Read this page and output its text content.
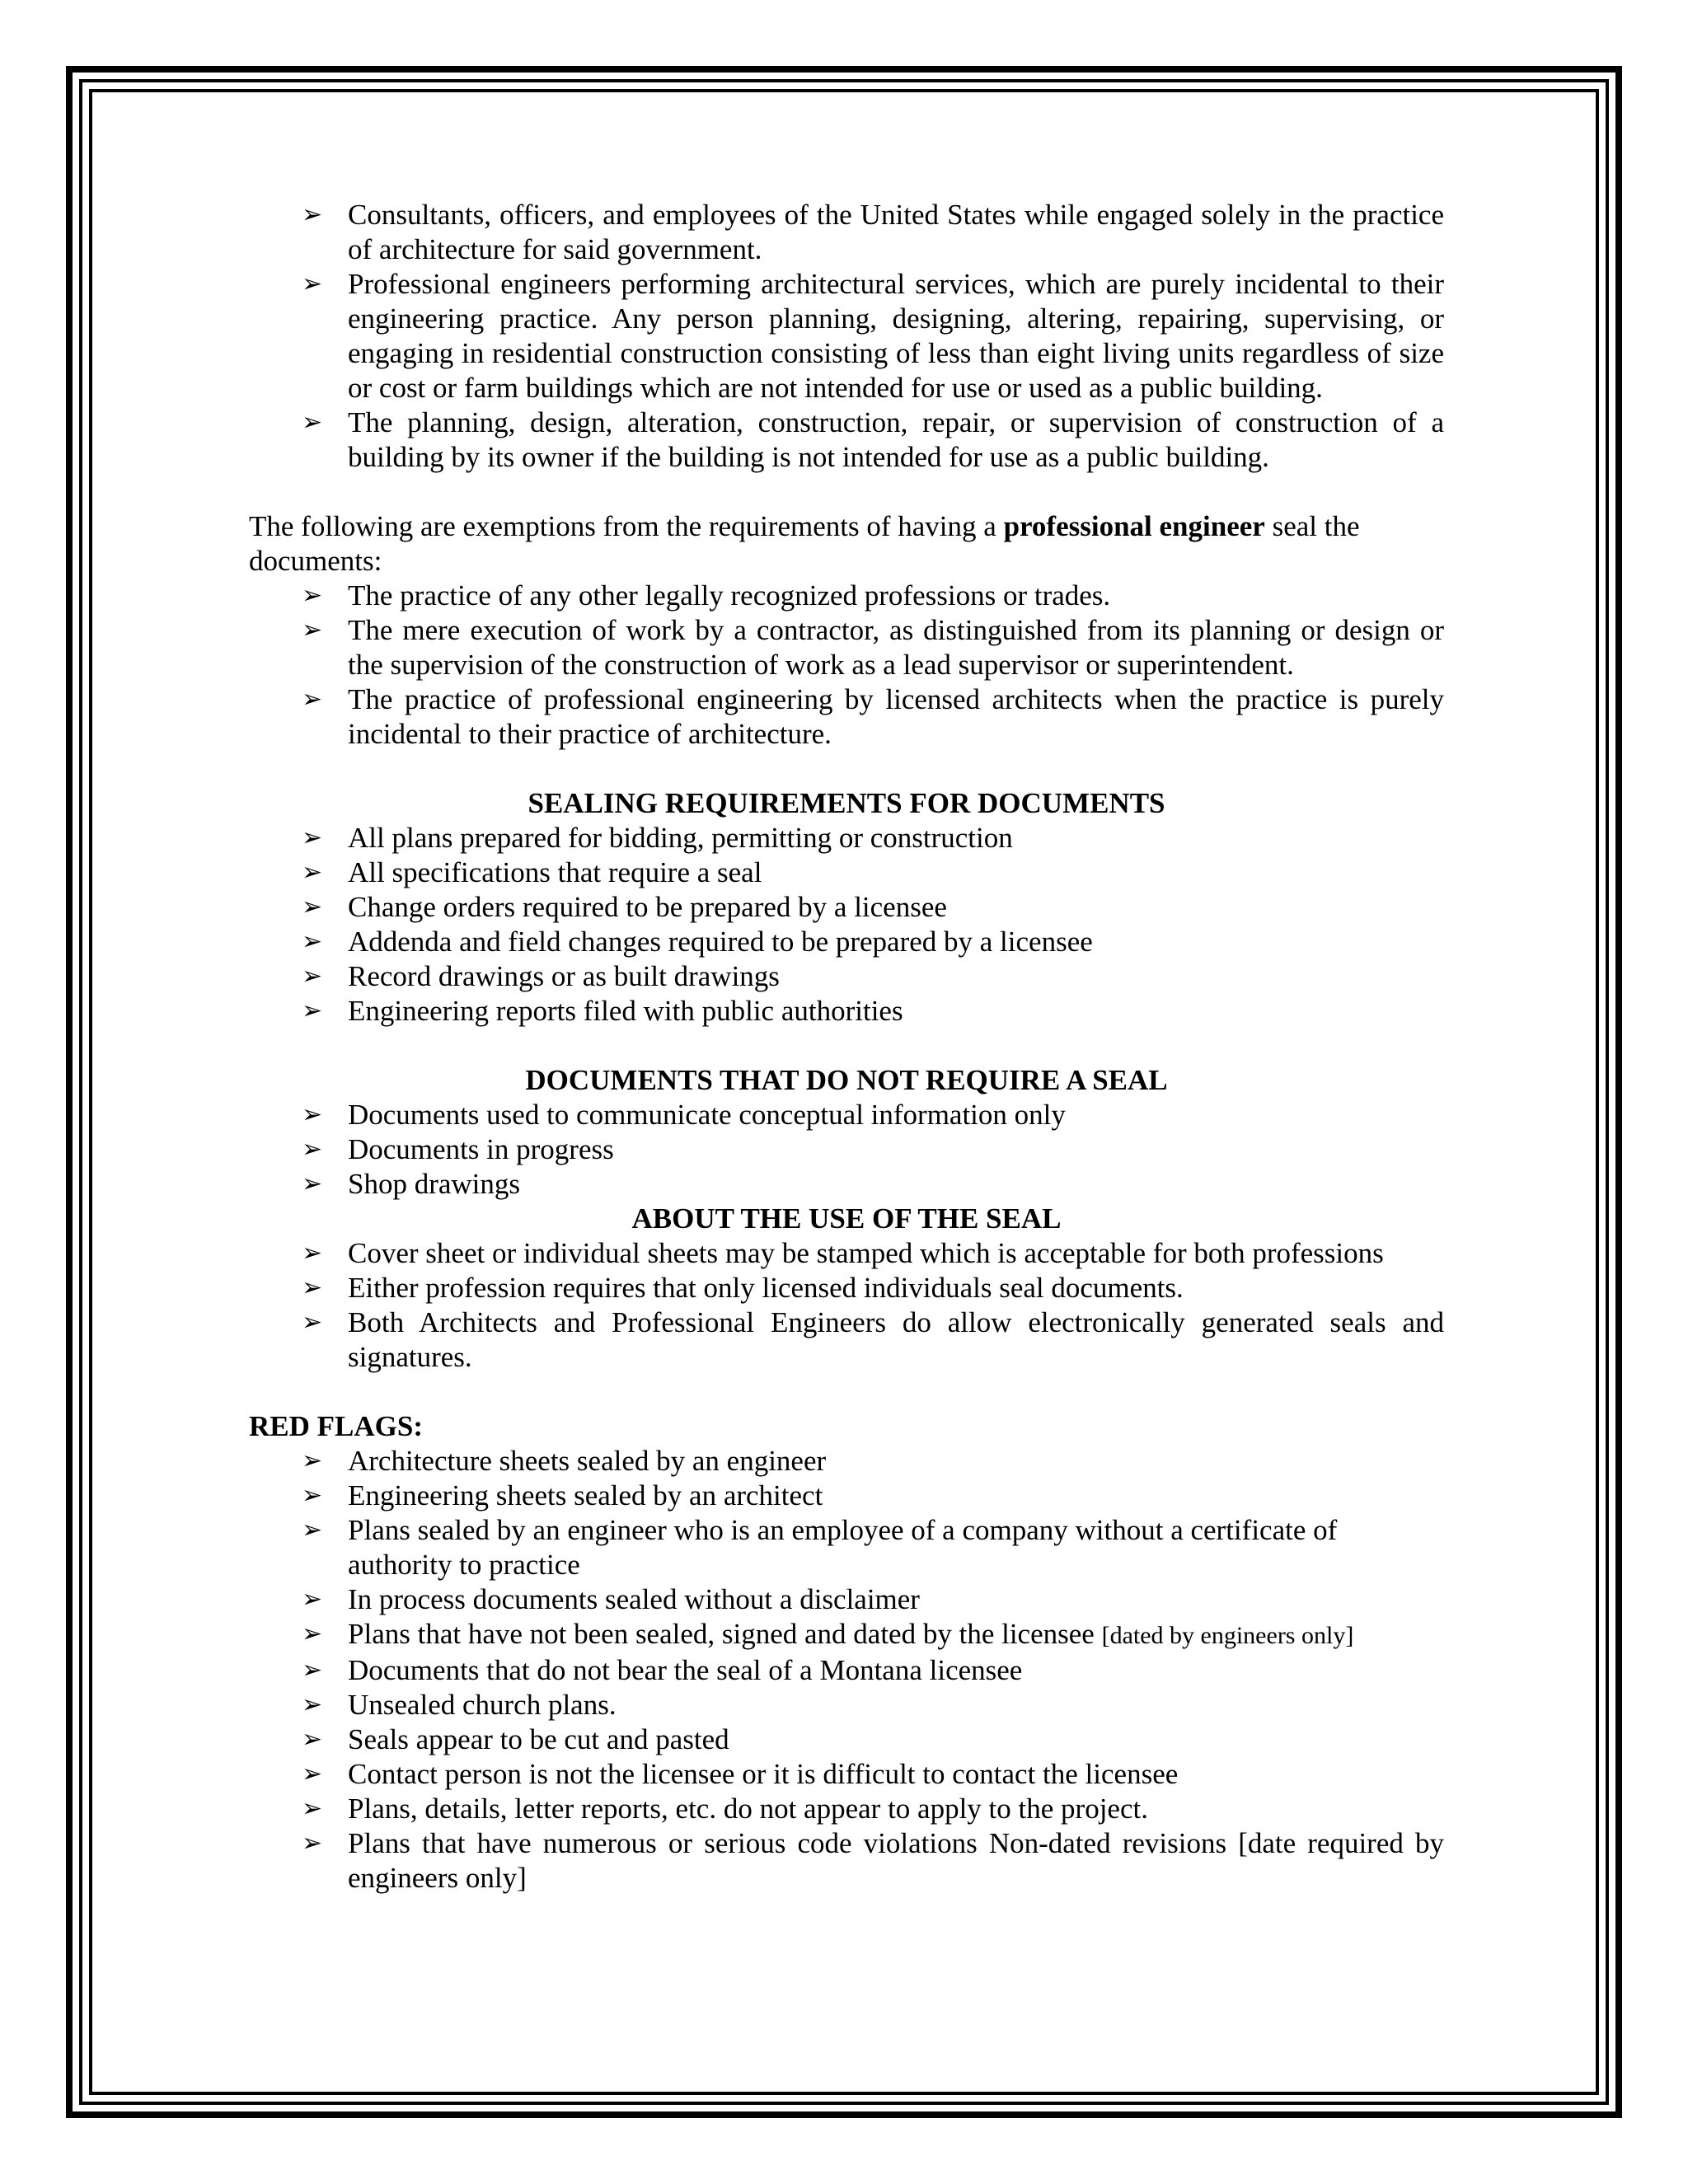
➢ Consultants, officers, and employees of the United States while engaged solely in the practice of architecture for said government.
➢ Professional engineers performing architectural services, which are purely incidental to their engineering practice. Any person planning, designing, altering, repairing, supervising, or engaging in residential construction consisting of less than eight living units regardless of size or cost or farm buildings which are not intended for use or used as a public building.
➢ The planning, design, alteration, construction, repair, or supervision of construction of a building by its owner if the building is not intended for use as a public building.

The following are exemptions from the requirements of having a professional engineer seal the documents:

➢ The practice of any other legally recognized professions or trades.
➢ The mere execution of work by a contractor, as distinguished from its planning or design or the supervision of the construction of work as a lead supervisor or superintendent.
➢ The practice of professional engineering by licensed architects when the practice is purely incidental to their practice of architecture.
SEALING REQUIREMENTS FOR DOCUMENTS
➢ All plans prepared for bidding, permitting or construction
➢ All specifications that require a seal
➢ Change orders required to be prepared by a licensee
➢ Addenda and field changes required to be prepared by a licensee
➢ Record drawings or as built drawings
➢ Engineering reports filed with public authorities
DOCUMENTS THAT DO NOT REQUIRE A SEAL
➢ Documents used to communicate conceptual information only
➢ Documents in progress
➢ Shop drawings
ABOUT THE USE OF THE SEAL
➢ Cover sheet or individual sheets may be stamped which is acceptable for both professions
➢ Either profession requires that only licensed individuals seal documents.
➢ Both Architects and Professional Engineers do allow electronically generated seals and signatures.
RED FLAGS:
➢ Architecture sheets sealed by an engineer
➢ Engineering sheets sealed by an architect
➢ Plans sealed by an engineer who is an employee of a company without a certificate of authority to practice
➢ In process documents sealed without a disclaimer
➢ Plans that have not been sealed, signed and dated by the licensee [dated by engineers only]
➢ Documents that do not bear the seal of a Montana licensee
➢ Unsealed church plans.
➢ Seals appear to be cut and pasted
➢ Contact person is not the licensee or it is difficult to contact the licensee
➢ Plans, details, letter reports, etc. do not appear to apply to the project.
➢ Plans that have numerous or serious code violations Non-dated revisions [date required by engineers only]
